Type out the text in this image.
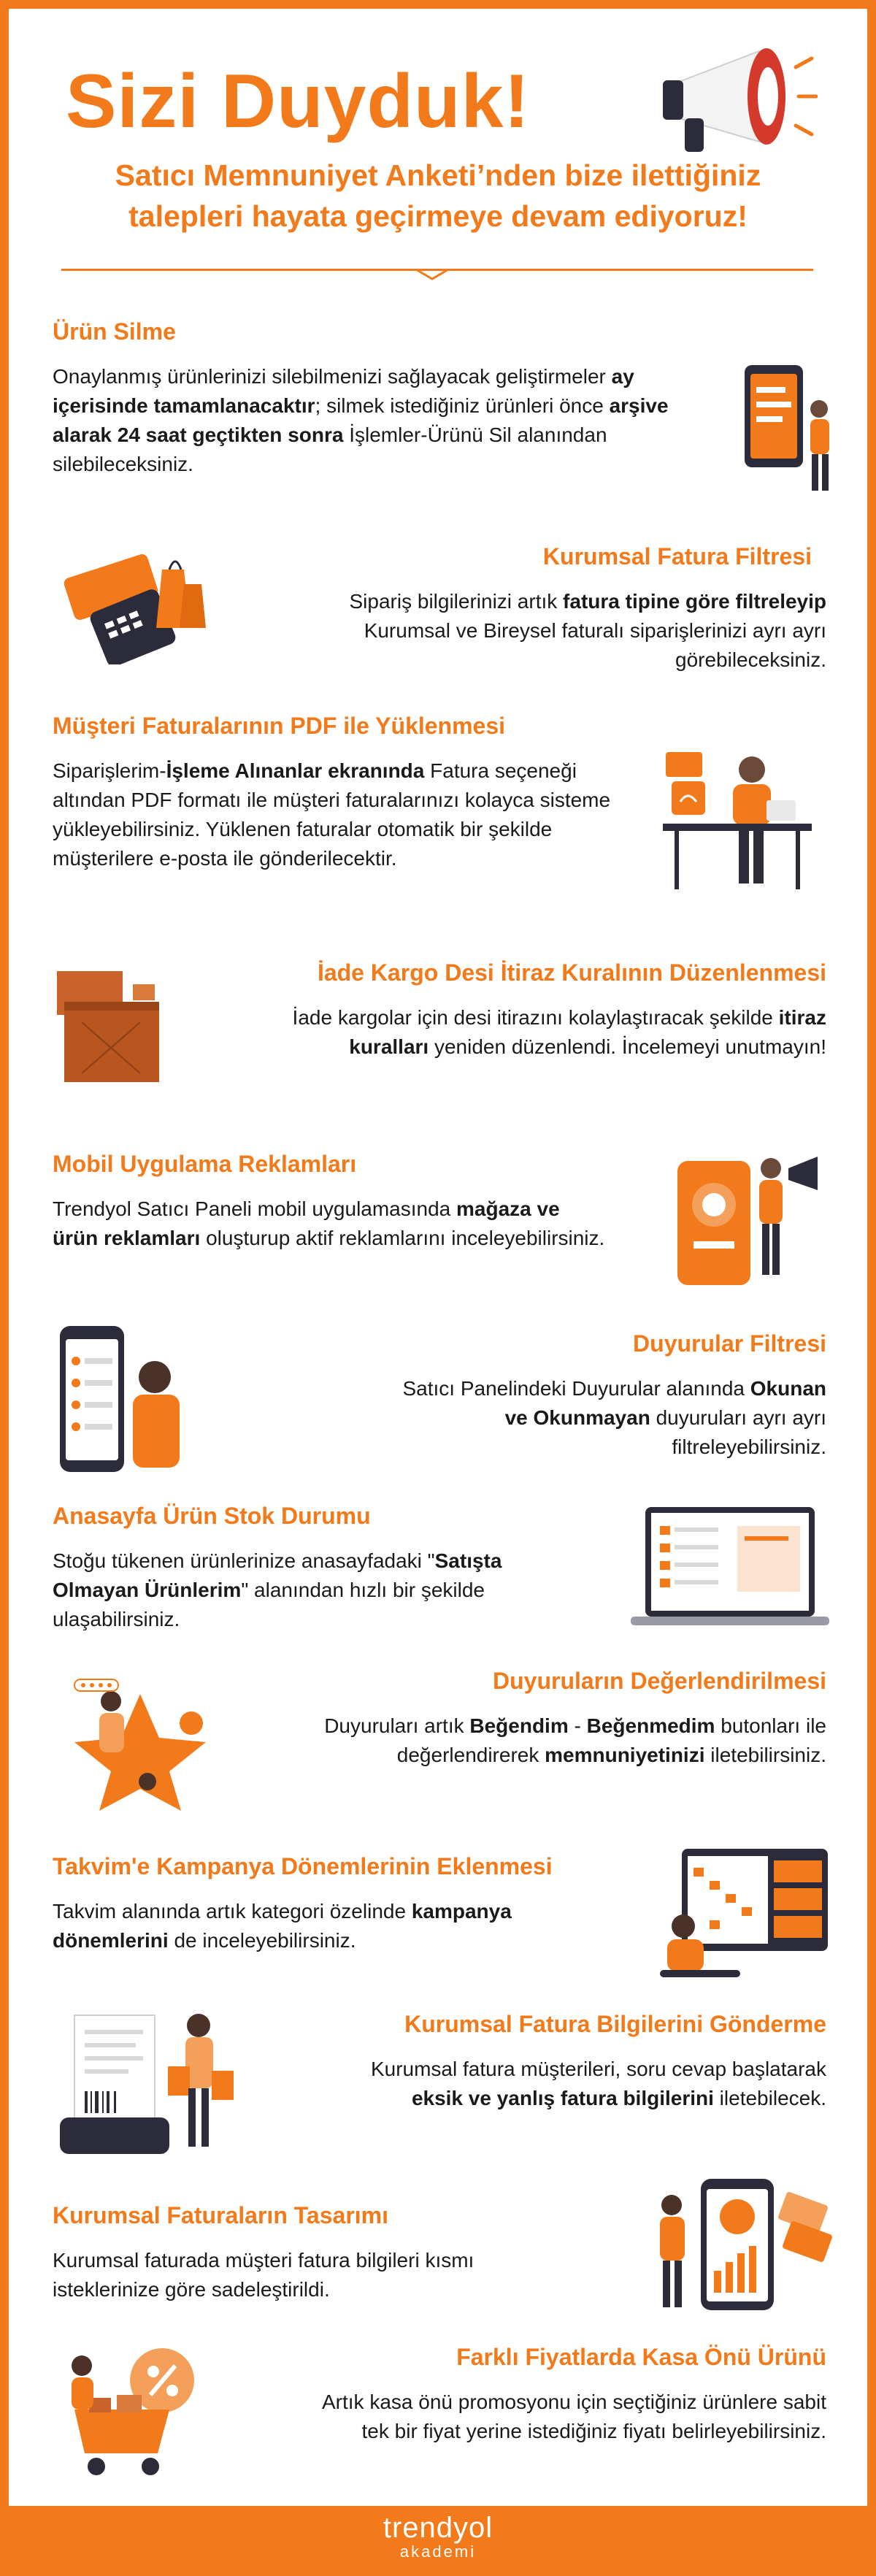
Sizi Duyduk!
Satıcı Memnuniyet Anketi’nden bize ilettiğiniz
talepleri hayata geçirmeye devam ediyoruz!
Ürün Silme
Onaylanmış ürünlerinizi silebilmenizi sağlayacak geliştirmeler ay içerisinde tamamlanacaktır; silmek istediğiniz ürünleri önce arşive alarak 24 saat geçtikten sonra İşlemler-Ürünü Sil alanından silebileceksiniz.
Kurumsal Fatura Filtresi
Sipariş bilgilerinizi artık fatura tipine göre filtreleyip Kurumsal ve Bireysel faturalı siparişlerinizi ayrı ayrı görebileceksiniz.
Müşteri Faturalarının PDF ile Yüklenmesi
Siparişlerim-İşleme Alınanlar ekranında Fatura seçeneği altından PDF formatı ile müşteri faturalarınızı kolayca sisteme yükleyebilirsiniz. Yüklenen faturalar otomatik bir şekilde müşterilere e-posta ile gönderilecektir.
İade Kargo Desi İtiraz Kuralının Düzenlenmesi
İade kargolar için desi itirazını kolaylaştıracak şekilde itiraz kuralları yeniden düzenlendi. İncelemeyi unutmayın!
Mobil Uygulama Reklamları
Trendyol Satıcı Paneli mobil uygulamasında mağaza ve ürün reklamları oluşturup aktif reklamlarını inceleyebilirsiniz.
Duyurular Filtresi
Satıcı Panelindeki Duyurular alanında Okunan ve Okunmayan duyuruları ayrı ayrı filtreleyebilirsiniz.
Anasayfa Ürün Stok Durumu
Stoğu tükenen ürünlerinize anasayfadaki "Satışta Olmayan Ürünlerim" alanından hızlı bir şekilde ulaşabilirsiniz.
Duyuruların Değerlendirilmesi
Duyuruları artık Beğendim - Beğenmedim butonları ile değerlendirerek memnuniyetinizi iletebilirsiniz.
Takvim'e Kampanya Dönemlerinin Eklenmesi
Takvim alanında artık kategori özelinde kampanya dönemlerini de inceleyebilirsiniz.
Kurumsal Fatura Bilgilerini Gönderme
Kurumsal fatura müşterileri, soru cevap başlatarak eksik ve yanlış fatura bilgilerini iletebilecek.
Kurumsal Faturaların Tasarımı
Kurumsal faturada müşteri fatura bilgileri kısmı isteklerinize göre sadeleştirildi.
Farklı Fiyatlarda Kasa Önü Ürünü
Artık kasa önü promosyonu için seçtiğiniz ürünlere sabit tek bir fiyat yerine istediğiniz fiyatı belirleyebilirsiniz.
trendyol
akademi
